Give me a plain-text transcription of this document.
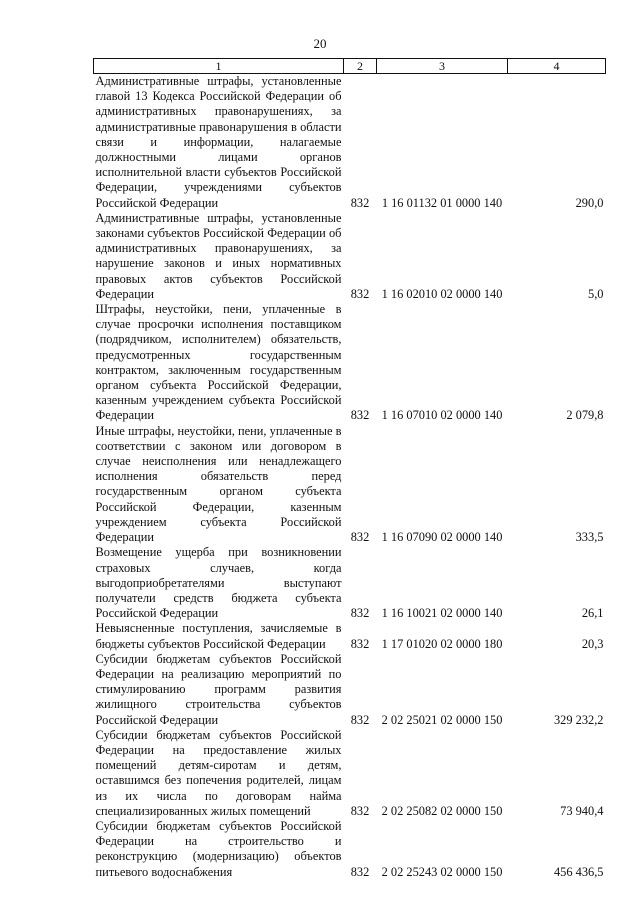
20
1	2	3	4
Административные штрафы, установленные главой 13 Кодекса Российской Федерации об административных правонарушениях, за административные правонарушения в области связи и информации, налагаемые должностными лицами органов исполнительной власти субъектов Российской Федерации, учреждениями субъектов Российской Федерации	832	1 16 01132 01 0000 140	290,0
Административные штрафы, установленные законами субъектов Российской Федерации об административных правонарушениях, за нарушение законов и иных нормативных правовых актов субъектов Российской Федерации	832	1 16 02010 02 0000 140	5,0
Штрафы, неустойки, пени, уплаченные в случае просрочки исполнения поставщиком (подрядчиком, исполнителем) обязательств, предусмотренных государственным контрактом, заключенным государственным органом субъекта Российской Федерации, казенным учреждением субъекта Российской Федерации	832	1 16 07010 02 0000 140	2 079,8
Иные штрафы, неустойки, пени, уплаченные в соответствии с законом или договором в случае неисполнения или ненадлежащего исполнения обязательств перед государственным органом субъекта Российской Федерации, казенным учреждением субъекта Российской Федерации	832	1 16 07090 02 0000 140	333,5
Возмещение ущерба при возникновении страховых случаев, когда выгодоприобретателями выступают получатели средств бюджета субъекта Российской Федерации	832	1 16 10021 02 0000 140	26,1
Невыясненные поступления, зачисляемые в бюджеты субъектов Российской Федерации	832	1 17 01020 02 0000 180	20,3
Субсидии бюджетам субъектов Российской Федерации на реализацию мероприятий по стимулированию программ развития жилищного строительства субъектов Российской Федерации	832	2 02 25021 02 0000 150	329 232,2
Субсидии бюджетам субъектов Российской Федерации на предоставление жилых помещений детям-сиротам и детям, оставшимся без попечения родителей, лицам из их числа по договорам найма специализированных жилых помещений	832	2 02 25082 02 0000 150	73 940,4
Субсидии бюджетам субъектов Российской Федерации на строительство и реконструкцию (модернизацию) объектов питьевого водоснабжения	832	2 02 25243 02 0000 150	456 436,5
